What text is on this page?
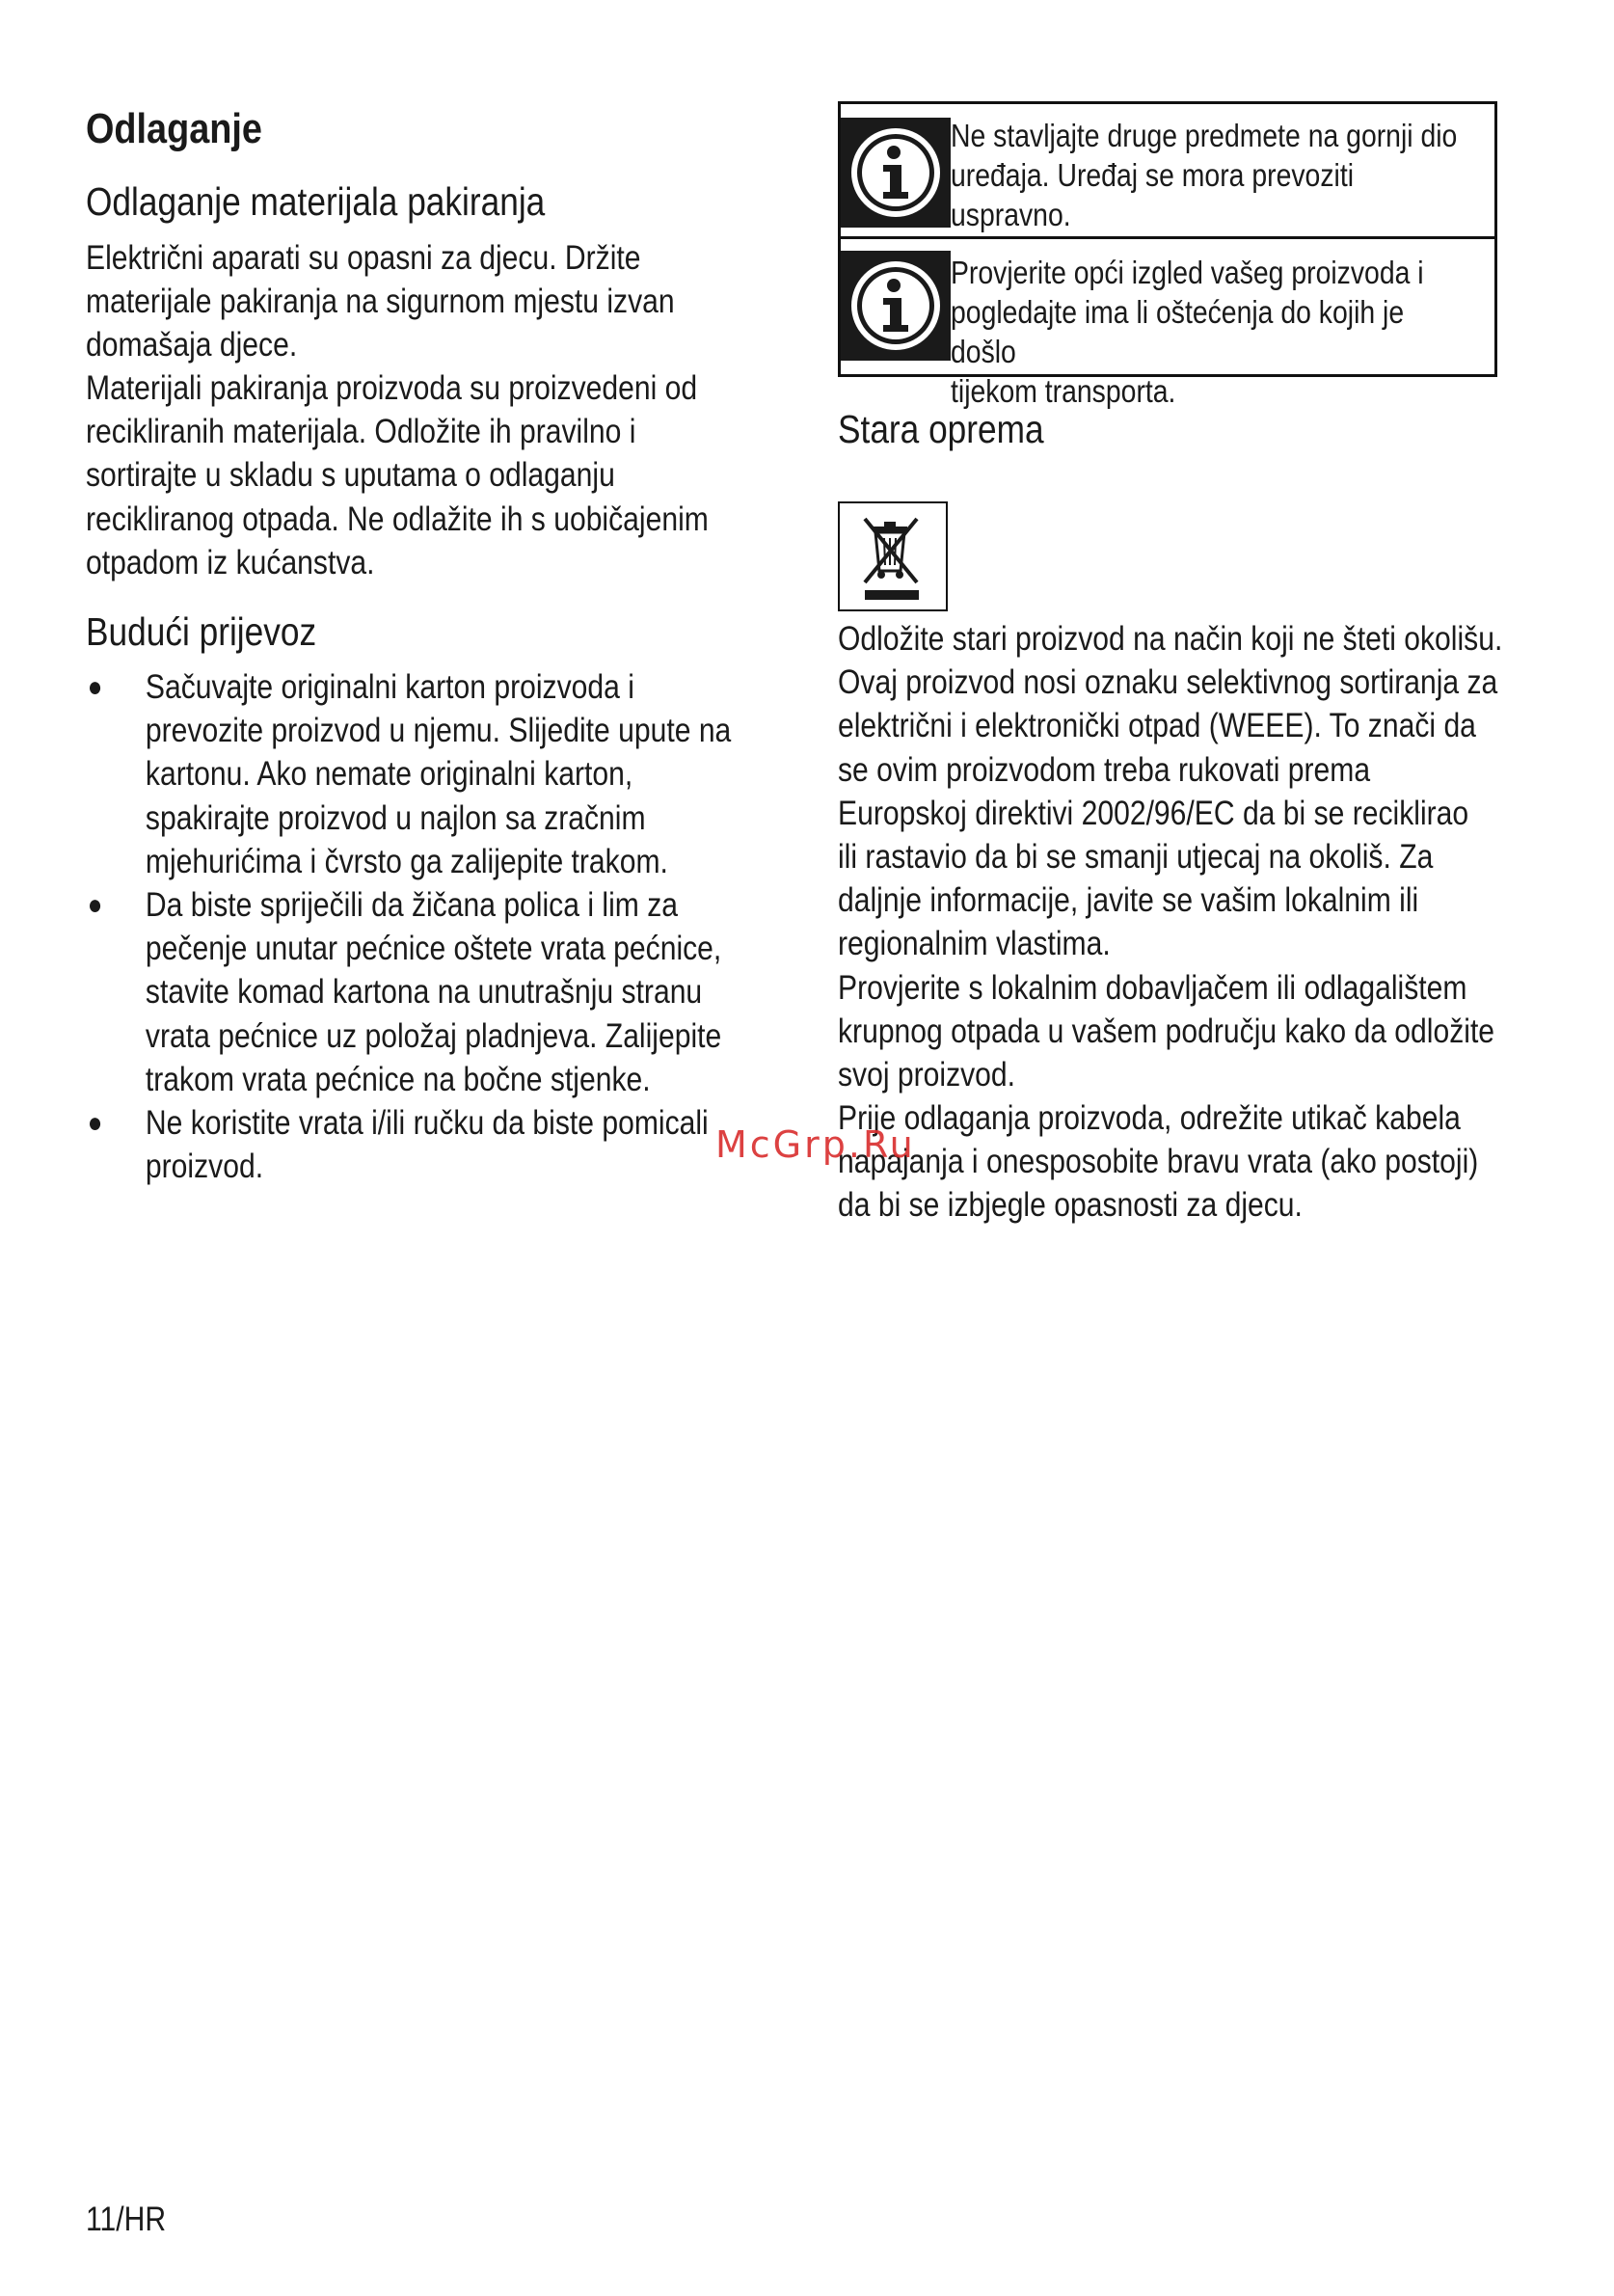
Odlaganje
Odlaganje materijala pakiranja
Električni aparati su opasni za djecu. Držite
materijale pakiranja na sigurnom mjestu izvan
domašaja djece.
Materijali pakiranja proizvoda su proizvedeni od
recikliranih materijala. Odložite ih pravilno i
sortirajte u skladu s uputama o odlaganju
recikliranog otpada. Ne odlažite ih s uobičajenim
otpadom iz kućanstva.
Budući prijevoz
● Sačuvajte originalni karton proizvoda i
prevozite proizvod u njemu. Slijedite upute na
kartonu. Ako nemate originalni karton,
spakirajte proizvod u najlon sa zračnim
mjehurićima i čvrsto ga zalijepite trakom.
● Da biste spriječili da žičana polica i lim za
pečenje unutar pećnice oštete vrata pećnice,
stavite komad kartona na unutrašnju stranu
vrata pećnice uz položaj pladnjeva. Zalijepite
trakom vrata pećnice na bočne stjenke.
● Ne koristite vrata i/ili ručku da biste pomicali
proizvod.
Ne stavljajte druge predmete na gornji dio
uređaja. Uređaj se mora prevoziti uspravno.
Provjerite opći izgled vašeg proizvoda i
pogledajte ima li oštećenja do kojih je došlo
tijekom transporta.
Stara oprema
Odložite stari proizvod na način koji ne šteti okolišu.
Ovaj proizvod nosi oznaku selektivnog sortiranja za
električni i elektronički otpad (WEEE). To znači da
se ovim proizvodom treba rukovati prema
Europskoj direktivi 2002/96/EC da bi se reciklirao
ili rastavio da bi se smanji utjecaj na okoliš. Za
daljnje informacije, javite se vašim lokalnim ili
regionalnim vlastima.
Provjerite s lokalnim dobavljačem ili odlagalištem
krupnog otpada u vašem području kako da odložite
svoj proizvod.
Prije odlaganja proizvoda, odrežite utikač kabela
napajanja i onesposobite bravu vrata (ako postoji)
da bi se izbjegle opasnosti za djecu.
McGrp.Ru
11/HR
